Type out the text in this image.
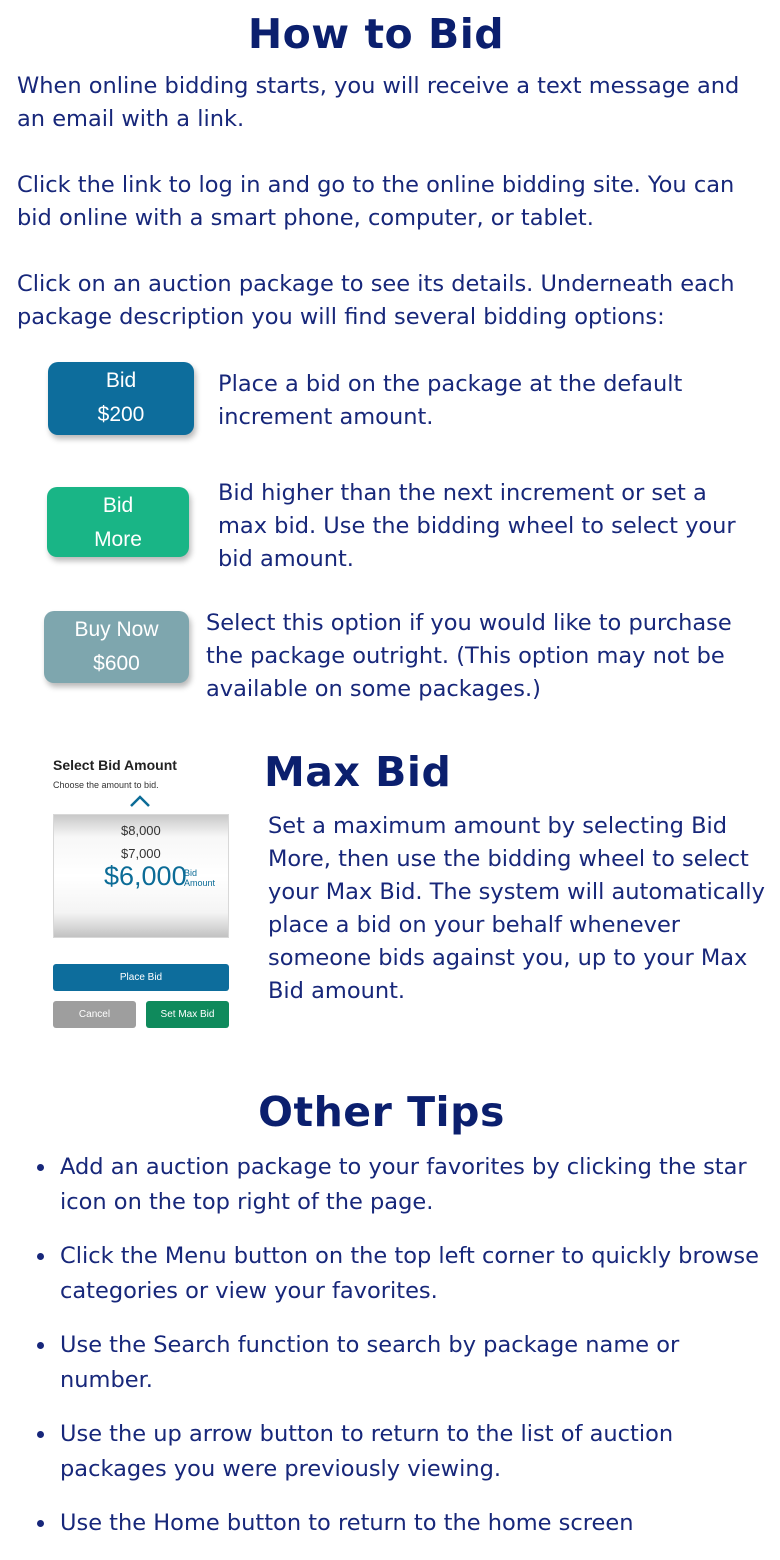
How to Bid

When online bidding starts, you will receive a text message and an email with a link.

Click the link to log in and go to the online bidding site. You can bid online with a smart phone, computer, or tablet.

Click on an auction package to see its details. Underneath each package description you will find several bidding options:

Bid
$200

Place a bid on the package at the default increment amount.

Bid
More

Bid higher than the next increment or set a max bid. Use the bidding wheel to select your bid amount.

Buy Now
$600

Select this option if you would like to purchase the package outright. (This option may not be available on some packages.)

Select Bid Amount
Choose the amount to bid.
$8,000
$7,000
$6,000
Bid
Amount
Place Bid
Cancel	Set Max Bid
Max Bid

Set a maximum amount by selecting Bid More, then use the bidding wheel to select your Max Bid. The system will automatically place a bid on your behalf whenever someone bids against you, up to your Max Bid amount.

Other Tips
Add an auction package to your favorites by clicking the star icon on the top right of the page.
Click the Menu button on the top left corner to quickly browse categories or view your favorites.
Use the Search function to search by package name or number.
Use the up arrow button to return to the list of auction packages you were previously viewing.
Use the Home button to return to the home screen
